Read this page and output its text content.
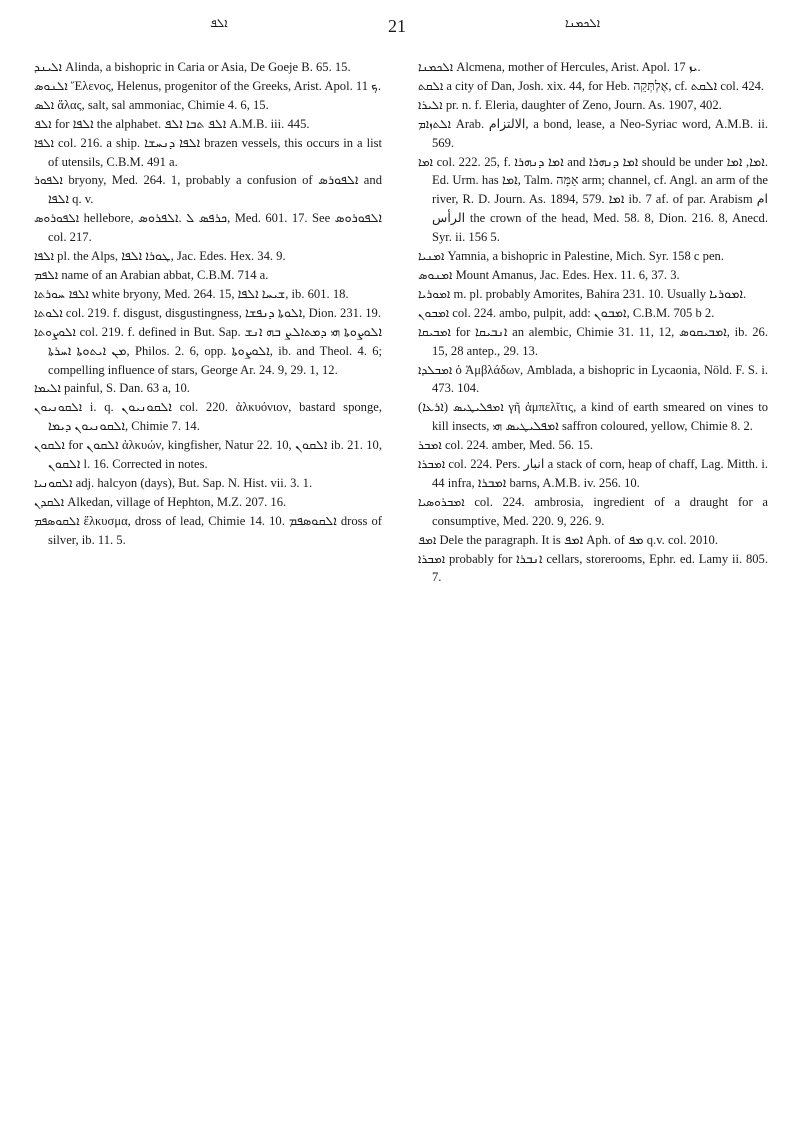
ܐܠܦ	21	ܐܠܟܡܢܐ

ܐܠܝܢܕ Alinda, a bishopric in Caria or Asia, De Goeje B. 65. 15.

ܐܠܢܘܣ Ἕλενος, Helenus, progenitor of the Greeks, Arist. Apol. ܟ 11.

ܐܠܣ ἅλας, salt, sal ammoniac, Chimie 4. 6, 15.

ܐܠܦ for ܐܠܦܐ the alphabet. ܐܠܦ ܬܒܐ ܐܠܦ A.M.B. iii. 445.

ܐܠܦܐ col. 216. a ship. ܐܠܦܐ ܕܢܚܫܐ brazen vessels, this occurs in a list of utensils, C.B.M. 491 a.

ܐܠܦܘܪ bryony, Med. 264. 1, probably a confusion of ܐܠܦܘܪܣ and ܐܠܦܐ q. v.

ܐܠܦܘܪܘܣ hellebore, ܟܪܦܣ ܠ .ܐܠܦܪܘܣ, Med. 601. 17. See ܐܠܦܘܪܘܣ col. 217.

ܐܠܦܐ pl. the Alps, ܛܘܪܐ ܐܠܦܐ, Jac. Edes. Hex. 34. 9.

ܐܠܦܡ name of an Arabian abbat, C.B.M. 714 a.

ܐܠܦܐ ܚܘܪܬܐ white bryony, Med. 264. 15, ܫܝܚܐ ܐܠܦܐ, ib. 601. 18.

ܐܠܘܬܐ col. 219. f. disgust, disgustingness, ܐܠܘܬܐ ܕܢܦܫܐ, Dion. 231. 19.

ܐܠܘܨܘܬܐ col. 219. f. defined in But. Sap. ܐܠܘܨܘܬܐ ܗܝ ܕܡܬܐܠܨ ܒܗ ܐܢܫ ܡܢ ܐܝܬܘܬܐ ܐܚܪܬܐ, Philos. 2. 6, opp. ܐܠܘܨܘܬܐ, ib. and Theol. 4. 6; compelling influence of stars, George Ar. 24. 9, 29. 1, 12.

ܐܠܝܡܐ painful, S. Dan. 63 a, 10.

ܐܠܩܘܢܝܘܢ i. q. ܐܠܩܘܢܝܘܢ col. 220. ἀλκυόνιον, bastard sponge, ܐܠܩܘܢܝܘܢ ܕܝܡܐ, Chimie 7. 14.

ܐܠܩܘܢ for ܐܠܩܘܢ ἀλκυών, kingfisher, Natur 22. 10, ܐܠܩܘܢ ib. 21. 10, ܐܠܩܘܢ l. 16. Corrected in notes.

ܐܠܩܘܢܝܐ adj. halcyon (days), But. Sap. N. Hist. vii. 3. 1.

ܐܠܩܕܢ Alkedan, village of Hephton, M.Z. 207. 16.

ܐܠܩܘܣܦܡ ἔλκυσμα, dross of lead, Chimie 14. 10. ܐܠܩܘܣܦܡ dross of silver, ib. 11. 5.

ܐܠܟܡܢܐ Alcmena, mother of Hercules, Arist. Apol. ܝܙ 17.

ܐܠܩܬ a city of Dan, Josh. xix. 44, for Heb. אֶלְתְּקֵה, cf. ܐܠܩܬ col. 424.

ܐܠܝܪܐ pr. n. f. Eleria, daughter of Zeno, Journ. As. 1907, 402.

ܐܠܬܙܐܡ Arab. الالتزام, a bond, lease, a Neo-Syriac word, A.M.B. ii. 569.

ܐܡܐ col. 222. 25, f. ܐܡܐ ܕܢܗܪܐ and ܐܡܐ ܕܢܗܪܐ should be under ܐܡܐ, ܐܡܐ. Ed. Urm. has ܐܡܐ, Talm. אַמָּה arm; channel, cf. Angl. an arm of the river, R. D. Journ. As. 1894, 579. ܐܡܐ ib. 7 af. of par. Arabism ام الرأس the crown of the head, Med. 58. 8, Dion. 216. 8, Anecd. Syr. ii. 156 5.

ܐܡܢܝܐ Yamnia, a bishopric in Palestine, Mich. Syr. 158 c pen.

ܐܡܢܘܣ Mount Amanus, Jac. Edes. Hex. 11. 6, 37. 3.

ܐܡܘܪܝܐ m. pl. probably Amorites, Bahira 231. 10. Usually ܐܡܘܪܝܐ.

ܐܡܒܘܢ col. 224. ambo, pulpit, add: ܐܡܒܘܢ, C.B.M. 705 b 2.

ܐܡܒܝܩܐ for ܐܢܒܝܩܐ an alembic, Chimie 31. 11, 12, ܐܡܒܝܩܘܣ, ib. 26. 15, 28 antep., 29. 13.

ܐܡܒܠܕܐ ὁ Ἀμβλάδων, Amblada, a bishopric in Lycaonia, Nöld. F. S. i. 473. 104.

ܐܡܦܠܝܛܝܣ (ܐܪܥܐ) γῆ ἀμπελῖτις, a kind of earth smeared on vines to kill insects, ܐܡܦܠܝܛܝܣ ܗܝ saffron coloured, yellow, Chimie 8. 2.

ܐܡܒܪ col. 224. amber, Med. 56. 15.

ܐܡܒܪܐ col. 224. Pers. انبار a stack of corn, heap of chaff, Lag. Mitth. i. 44 infra, ܐܡܒܪܐ barns, A.M.B. iv. 256. 10.

ܐܡܒܪܘܣܝܐ col. 224. ambrosia, ingredient of a draught for a consumptive, Med. 220. 9, 226. 9.

ܐܡܦ Dele the paragraph. It is ܐܡܦ Aph. of ܡܦ q.v. col. 2010.

ܐܡܒܪܐ probably for ܐܢܒܪܐ cellars, storerooms, Ephr. ed. Lamy ii. 805. 7.
